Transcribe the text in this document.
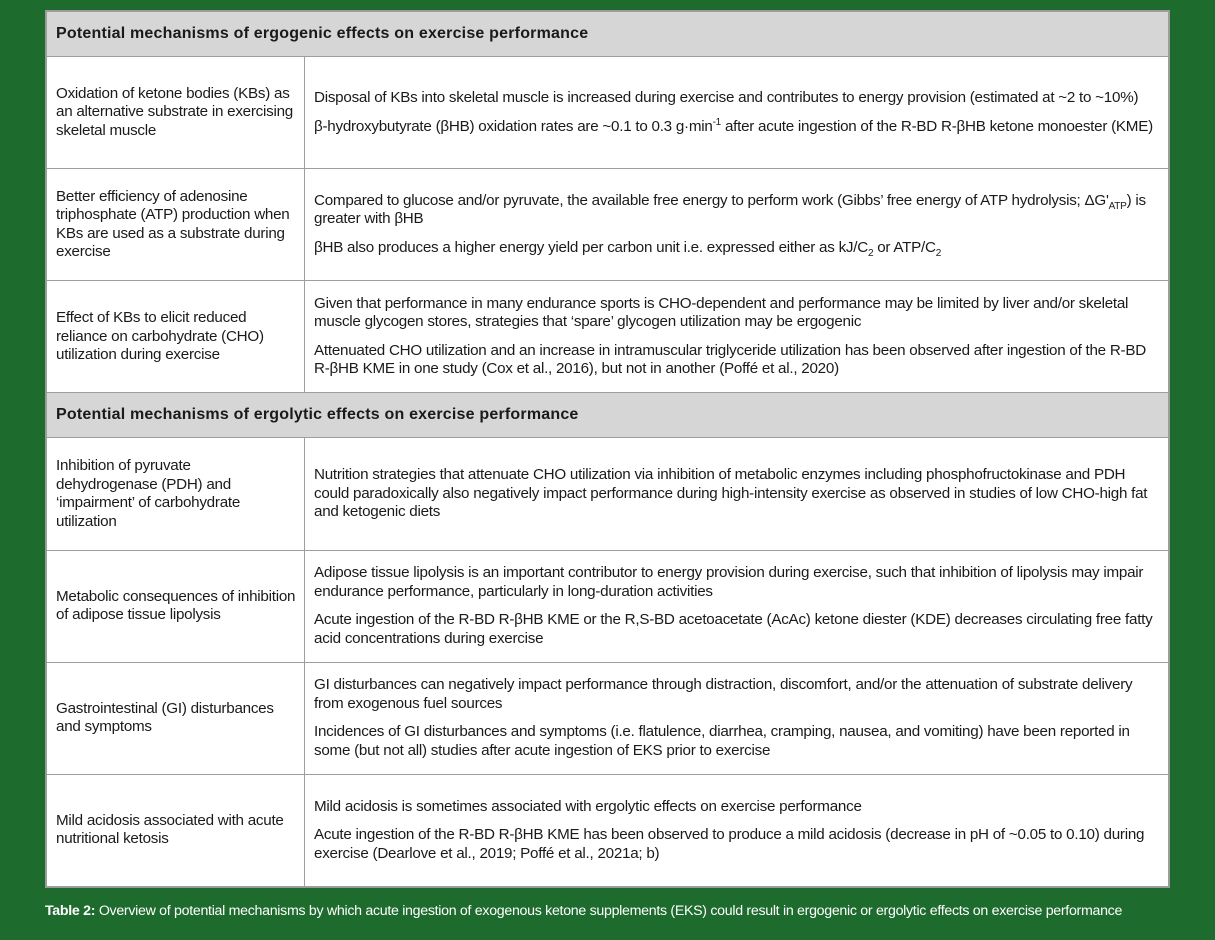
Potential mechanisms of ergogenic effects on exercise performance	
Oxidation of ketone bodies (KBs) as an alternative substrate in exercising skeletal muscle	Disposal of KBs into skeletal muscle is increased during exercise and contributes to energy provision (estimated at ~2 to ~10%)

β-hydroxybutyrate (βHB) oxidation rates are ~0.1 to 0.3 $g\cdot\min^{-1}$ after acute ingestion of the R-BD R-βHB ketone monoester (KME)

Better efficiency of adenosine triphosphate (ATP) production when KBs are used as a substrate during exercise	Compared to glucose and/or pyruvate, the available free energy to perform work (Gibbs’ free energy of ATP hydrolysis; $\Delta G'_{ATP}$) is greater with βHB

βHB also produces a higher energy yield per carbon unit i.e. expressed either as $kJ/C_2$ or ATP/$C_2$

Effect of KBs to elicit reduced reliance on carbohydrate (CHO) utilization during exercise	Given that performance in many endurance sports is CHO-dependent and performance may be limited by liver and/or skeletal muscle glycogen stores, strategies that ‘spare’ glycogen utilization may be ergogenic

Attenuated CHO utilization and an increase in intramuscular triglyceride utilization has been observed after ingestion of the R-BD R-βHB KME in one study (Cox et al., 2016), but not in another (Poffé et al., 2020)

Potential mechanisms of ergolytic effects on exercise performance	
Inhibition of pyruvate dehydrogenase (PDH) and ‘impairment’ of carbohydrate utilization	Nutrition strategies that attenuate CHO utilization via inhibition of metabolic enzymes including phosphofructokinase and PDH could paradoxically also negatively impact performance during high-intensity exercise as observed in studies of low CHO-high fat and ketogenic diets

Metabolic consequences of inhibition of adipose tissue lipolysis	Adipose tissue lipolysis is an important contributor to energy provision during exercise, such that inhibition of lipolysis may impair endurance performance, particularly in long-duration activities

Acute ingestion of the R-BD R-βHB KME or the R,S-BD acetoacetate (AcAc) ketone diester (KDE) decreases circulating free fatty acid concentrations during exercise

Gastrointestinal (GI) disturbances and symptoms	GI disturbances can negatively impact performance through distraction, discomfort, and/or the attenuation of substrate delivery from exogenous fuel sources

Incidences of GI disturbances and symptoms (i.e. flatulence, diarrhea, cramping, nausea, and vomiting) have been reported in some (but not all) studies after acute ingestion of EKS prior to exercise

Mild acidosis associated with acute nutritional ketosis	Mild acidosis is sometimes associated with ergolytic effects on exercise performance

Acute ingestion of the R-BD R-βHB KME has been observed to produce a mild acidosis (decrease in pH of ~0.05 to 0.10) during exercise (Dearlove et al., 2019; Poffé et al., 2021a; b)

Table 2: Overview of potential mechanisms by which acute ingestion of exogenous ketone supplements (EKS) could result in ergogenic or ergolytic effects on exercise performance
